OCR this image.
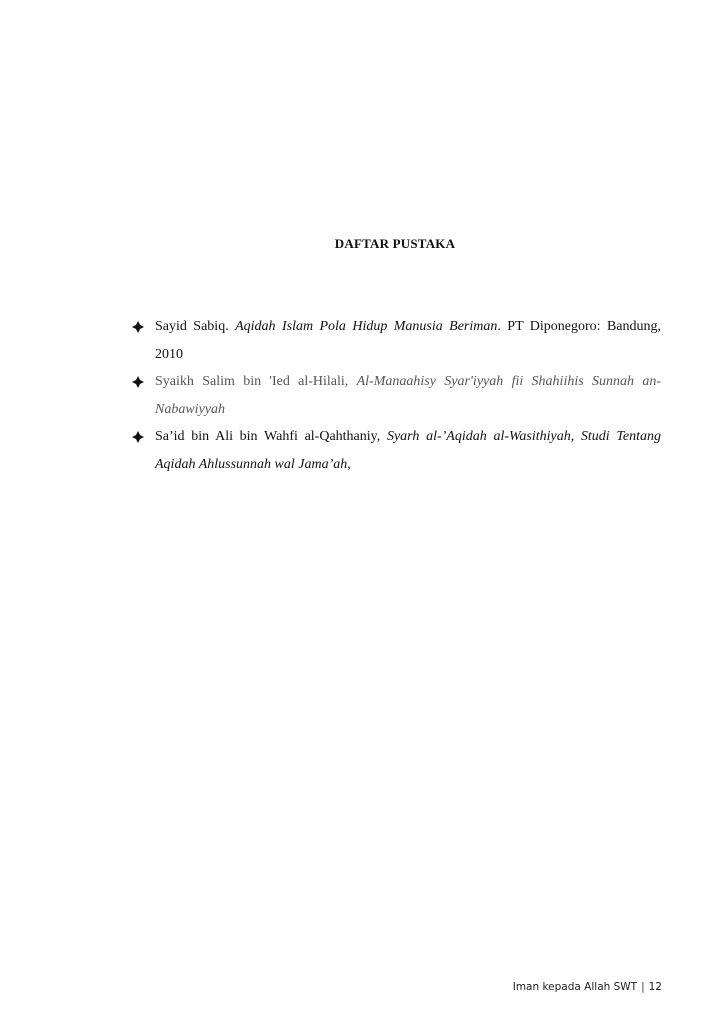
DAFTAR PUSTAKA
Sayid Sabiq. Aqidah Islam Pola Hidup Manusia Beriman. PT Diponegoro: Bandung, 2010
Syaikh Salim bin 'Ied al-Hilali, Al-Manaahisy Syar'iyyah fii Shahiihis Sunnah an-Nabawiyyah
Sa’id bin Ali bin Wahfi al-Qahthaniy, Syarh al-’Aqidah al-Wasithiyah, Studi Tentang Aqidah Ahlussunnah wal Jama’ah,
Iman kepada Allah SWT | 12
